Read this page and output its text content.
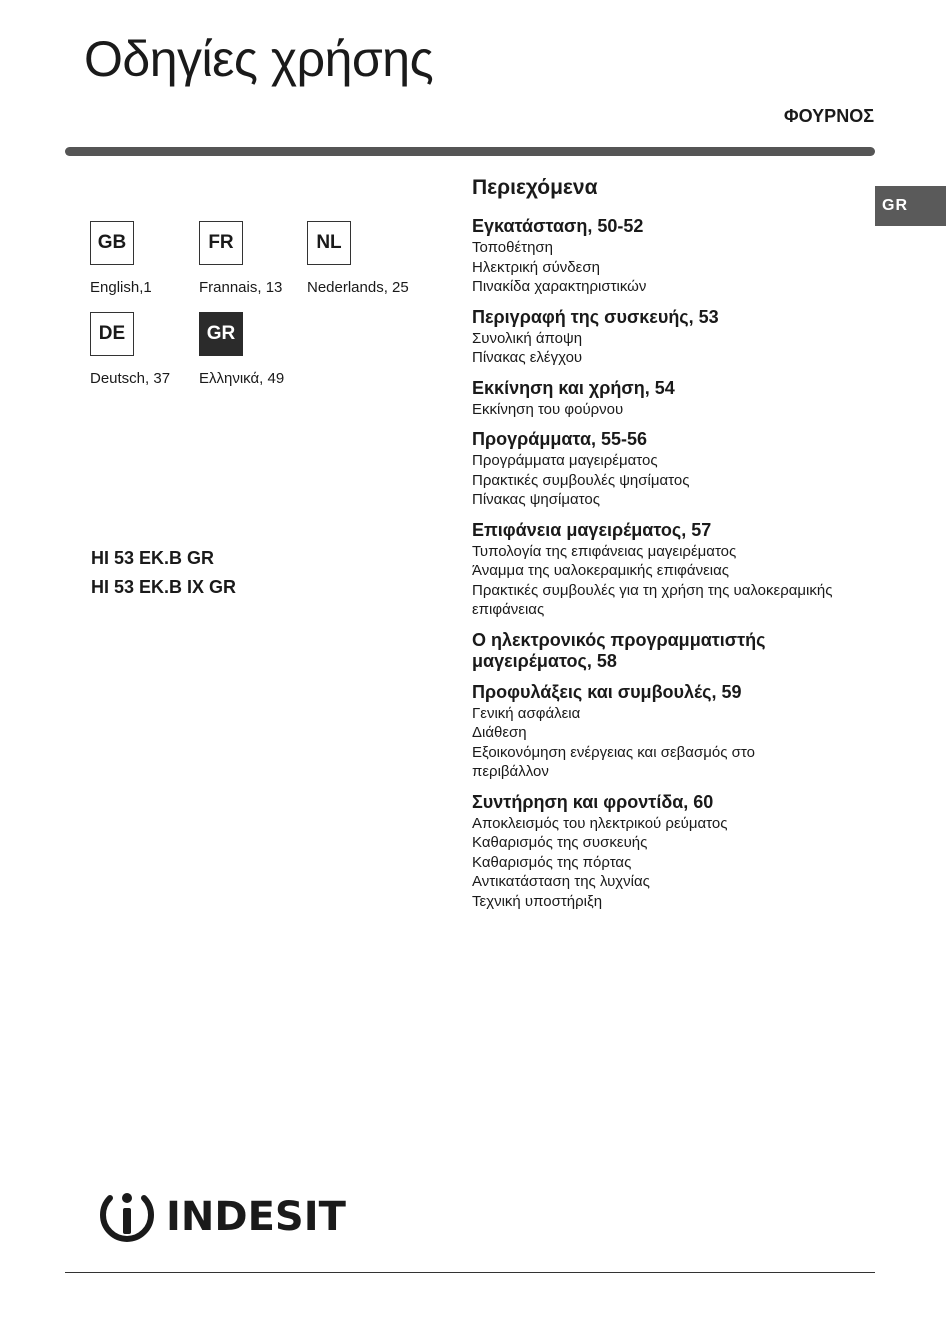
Οδηγίες χρήσης
ΦΟΥΡΝΟΣ
GR
GB
English,1
FR
Frannais, 13
NL
Nederlands, 25
DE
Deutsch, 37
GR
Ελληνικά, 49
HI 53 EK.B GR
HI 53 EK.B IX GR
Περιεχόμενα
Εγκατάσταση, 50-52
Τοποθέτηση
Ηλεκτρική σύνδεση
Πινακίδα χαρακτηριστικών
Περιγραφή της συσκευής, 53
Συνολική άποψη
Πίνακας ελέγχου
Εκκίνηση και χρήση, 54
Εκκίνηση του φούρνου
Προγράμματα, 55-56
Προγράμματα μαγειρέματος
Πρακτικές συμβουλές ψησίματος
Πίνακας ψησίματος
Επιφάνεια μαγειρέματος, 57
Τυπολογία της επιφάνειας μαγειρέματος
Άναμμα της υαλοκεραμικής επιφάνειας
Πρακτικές συμβουλές για τη χρήση της υαλοκεραμικής
επιφάνειας
Ο ηλεκτρονικός προγραμματιστής μαγειρέματος, 58
Προφυλάξεις και συμβουλές, 59
Γενική ασφάλεια
Διάθεση
Εξοικονόμηση ενέργειας και σεβασμός στο
περιβάλλον
Συντήρηση και φροντίδα, 60
Αποκλεισμός του ηλεκτρικού ρεύματος
Καθαρισμός της συσκευής
Καθαρισμός της πόρτας
Αντικατάσταση της λυχνίας
Τεχνική υποστήριξη
INDESIT
